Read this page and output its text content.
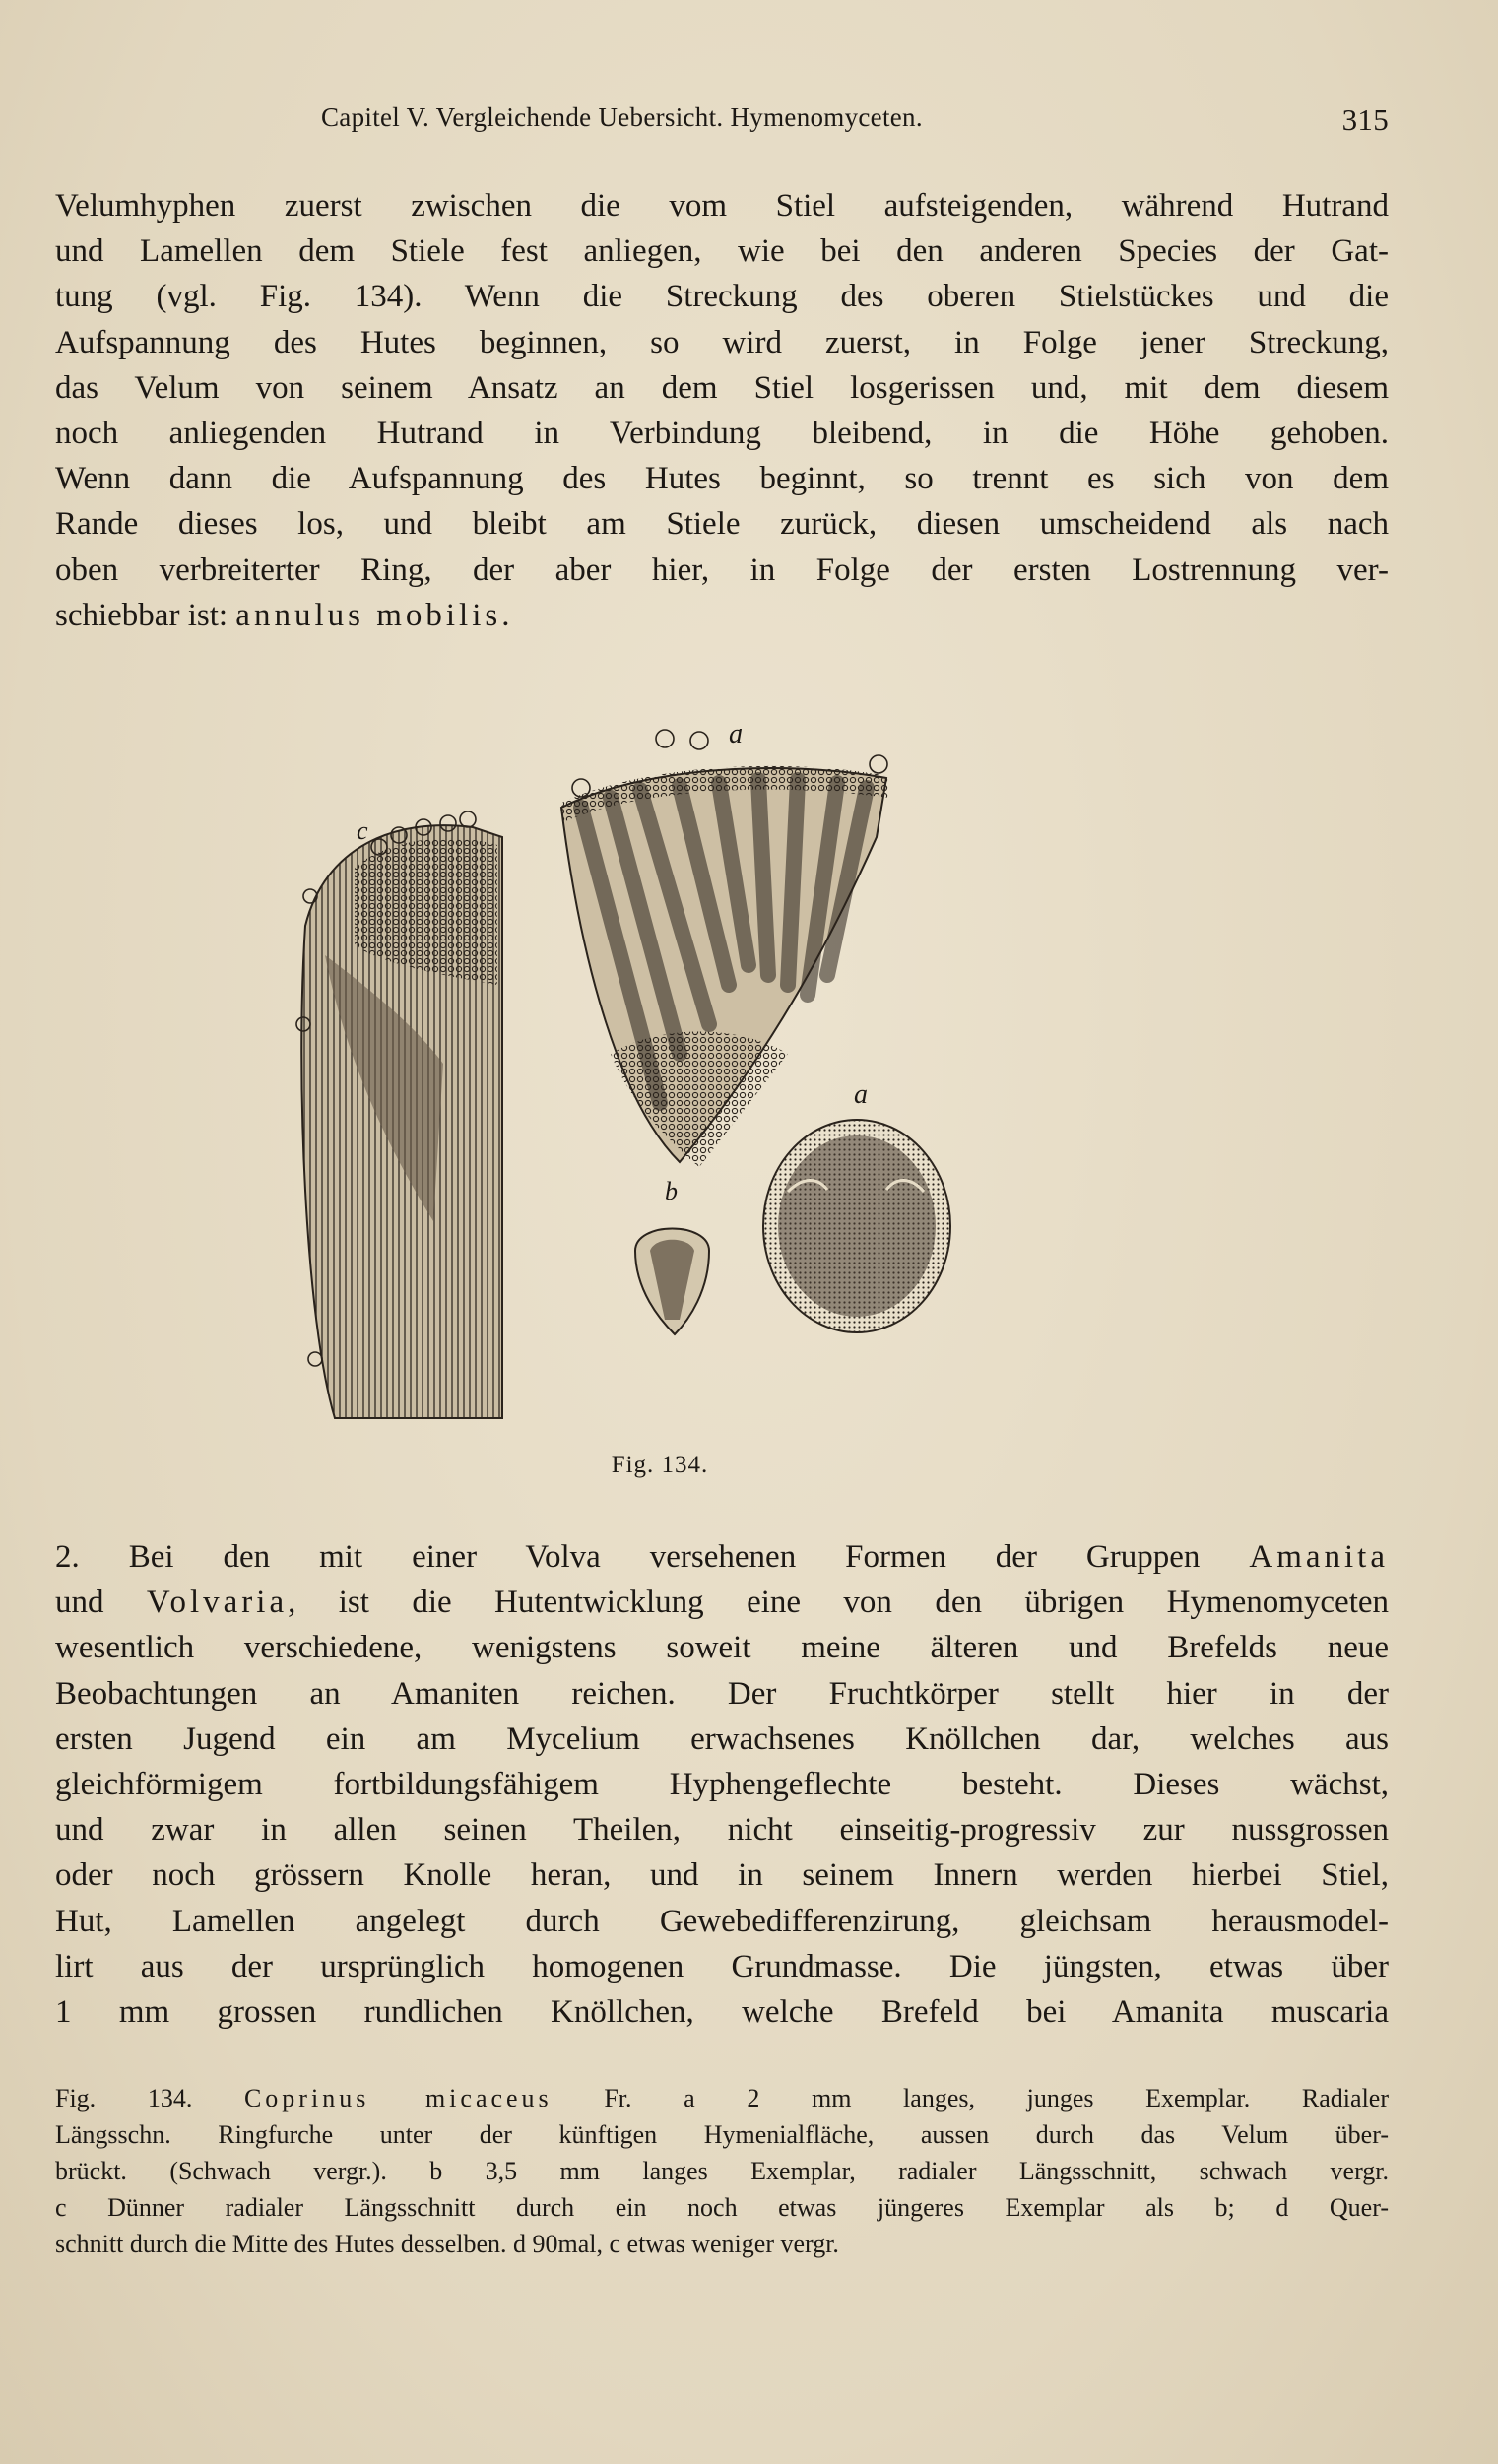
Capitel V. Vergleichende Uebersicht. Hymenomyceten.	315
Velumhyphen zuerst zwischen die vom Stiel aufsteigenden, während Hutrand
und Lamellen dem Stiele fest anliegen, wie bei den anderen Species der Gat-
tung (vgl. Fig. 134). Wenn die Streckung des oberen Stielstückes und die
Aufspannung des Hutes beginnen, so wird zuerst, in Folge jener Streckung,
das Velum von seinem Ansatz an dem Stiel losgerissen und, mit dem diesem
noch anliegenden Hutrand in Verbindung bleibend, in die Höhe gehoben.
Wenn dann die Aufspannung des Hutes beginnt, so trennt es sich von dem
Rande dieses los, und bleibt am Stiele zurück, diesen umscheidend als nach
oben verbreiterter Ring, der aber hier, in Folge der ersten Lostrennung ver-
schiebbar ist: annulus mobilis.
c
d
a
b
Fig. 134.
2. Bei den mit einer Volva versehenen Formen der Gruppen Amanita
und Volvaria, ist die Hutentwicklung eine von den übrigen Hymenomyceten
wesentlich verschiedene, wenigstens soweit meine älteren und Brefelds neue
Beobachtungen an Amaniten reichen. Der Fruchtkörper stellt hier in der
ersten Jugend ein am Mycelium erwachsenes Knöllchen dar, welches aus
gleichförmigem fortbildungsfähigem Hyphengeflechte besteht. Dieses wächst,
und zwar in allen seinen Theilen, nicht einseitig-progressiv zur nussgrossen
oder noch grössern Knolle heran, und in seinem Innern werden hierbei Stiel,
Hut, Lamellen angelegt durch Gewebedifferenzirung, gleichsam herausmodel-
lirt aus der ursprünglich homogenen Grundmasse. Die jüngsten, etwas über
1 mm grossen rundlichen Knöllchen, welche Brefeld bei Amanita muscaria
Fig. 134. Coprinus micaceus Fr. a 2 mm langes, junges Exemplar. Radialer
Längsschn. Ringfurche unter der künftigen Hymenialfläche, aussen durch das Velum über-
brückt. (Schwach vergr.). b 3,5 mm langes Exemplar, radialer Längsschnitt, schwach vergr.
c Dünner radialer Längsschnitt durch ein noch etwas jüngeres Exemplar als b; d Quer-
schnitt durch die Mitte des Hutes desselben. d 90mal, c etwas weniger vergr.
